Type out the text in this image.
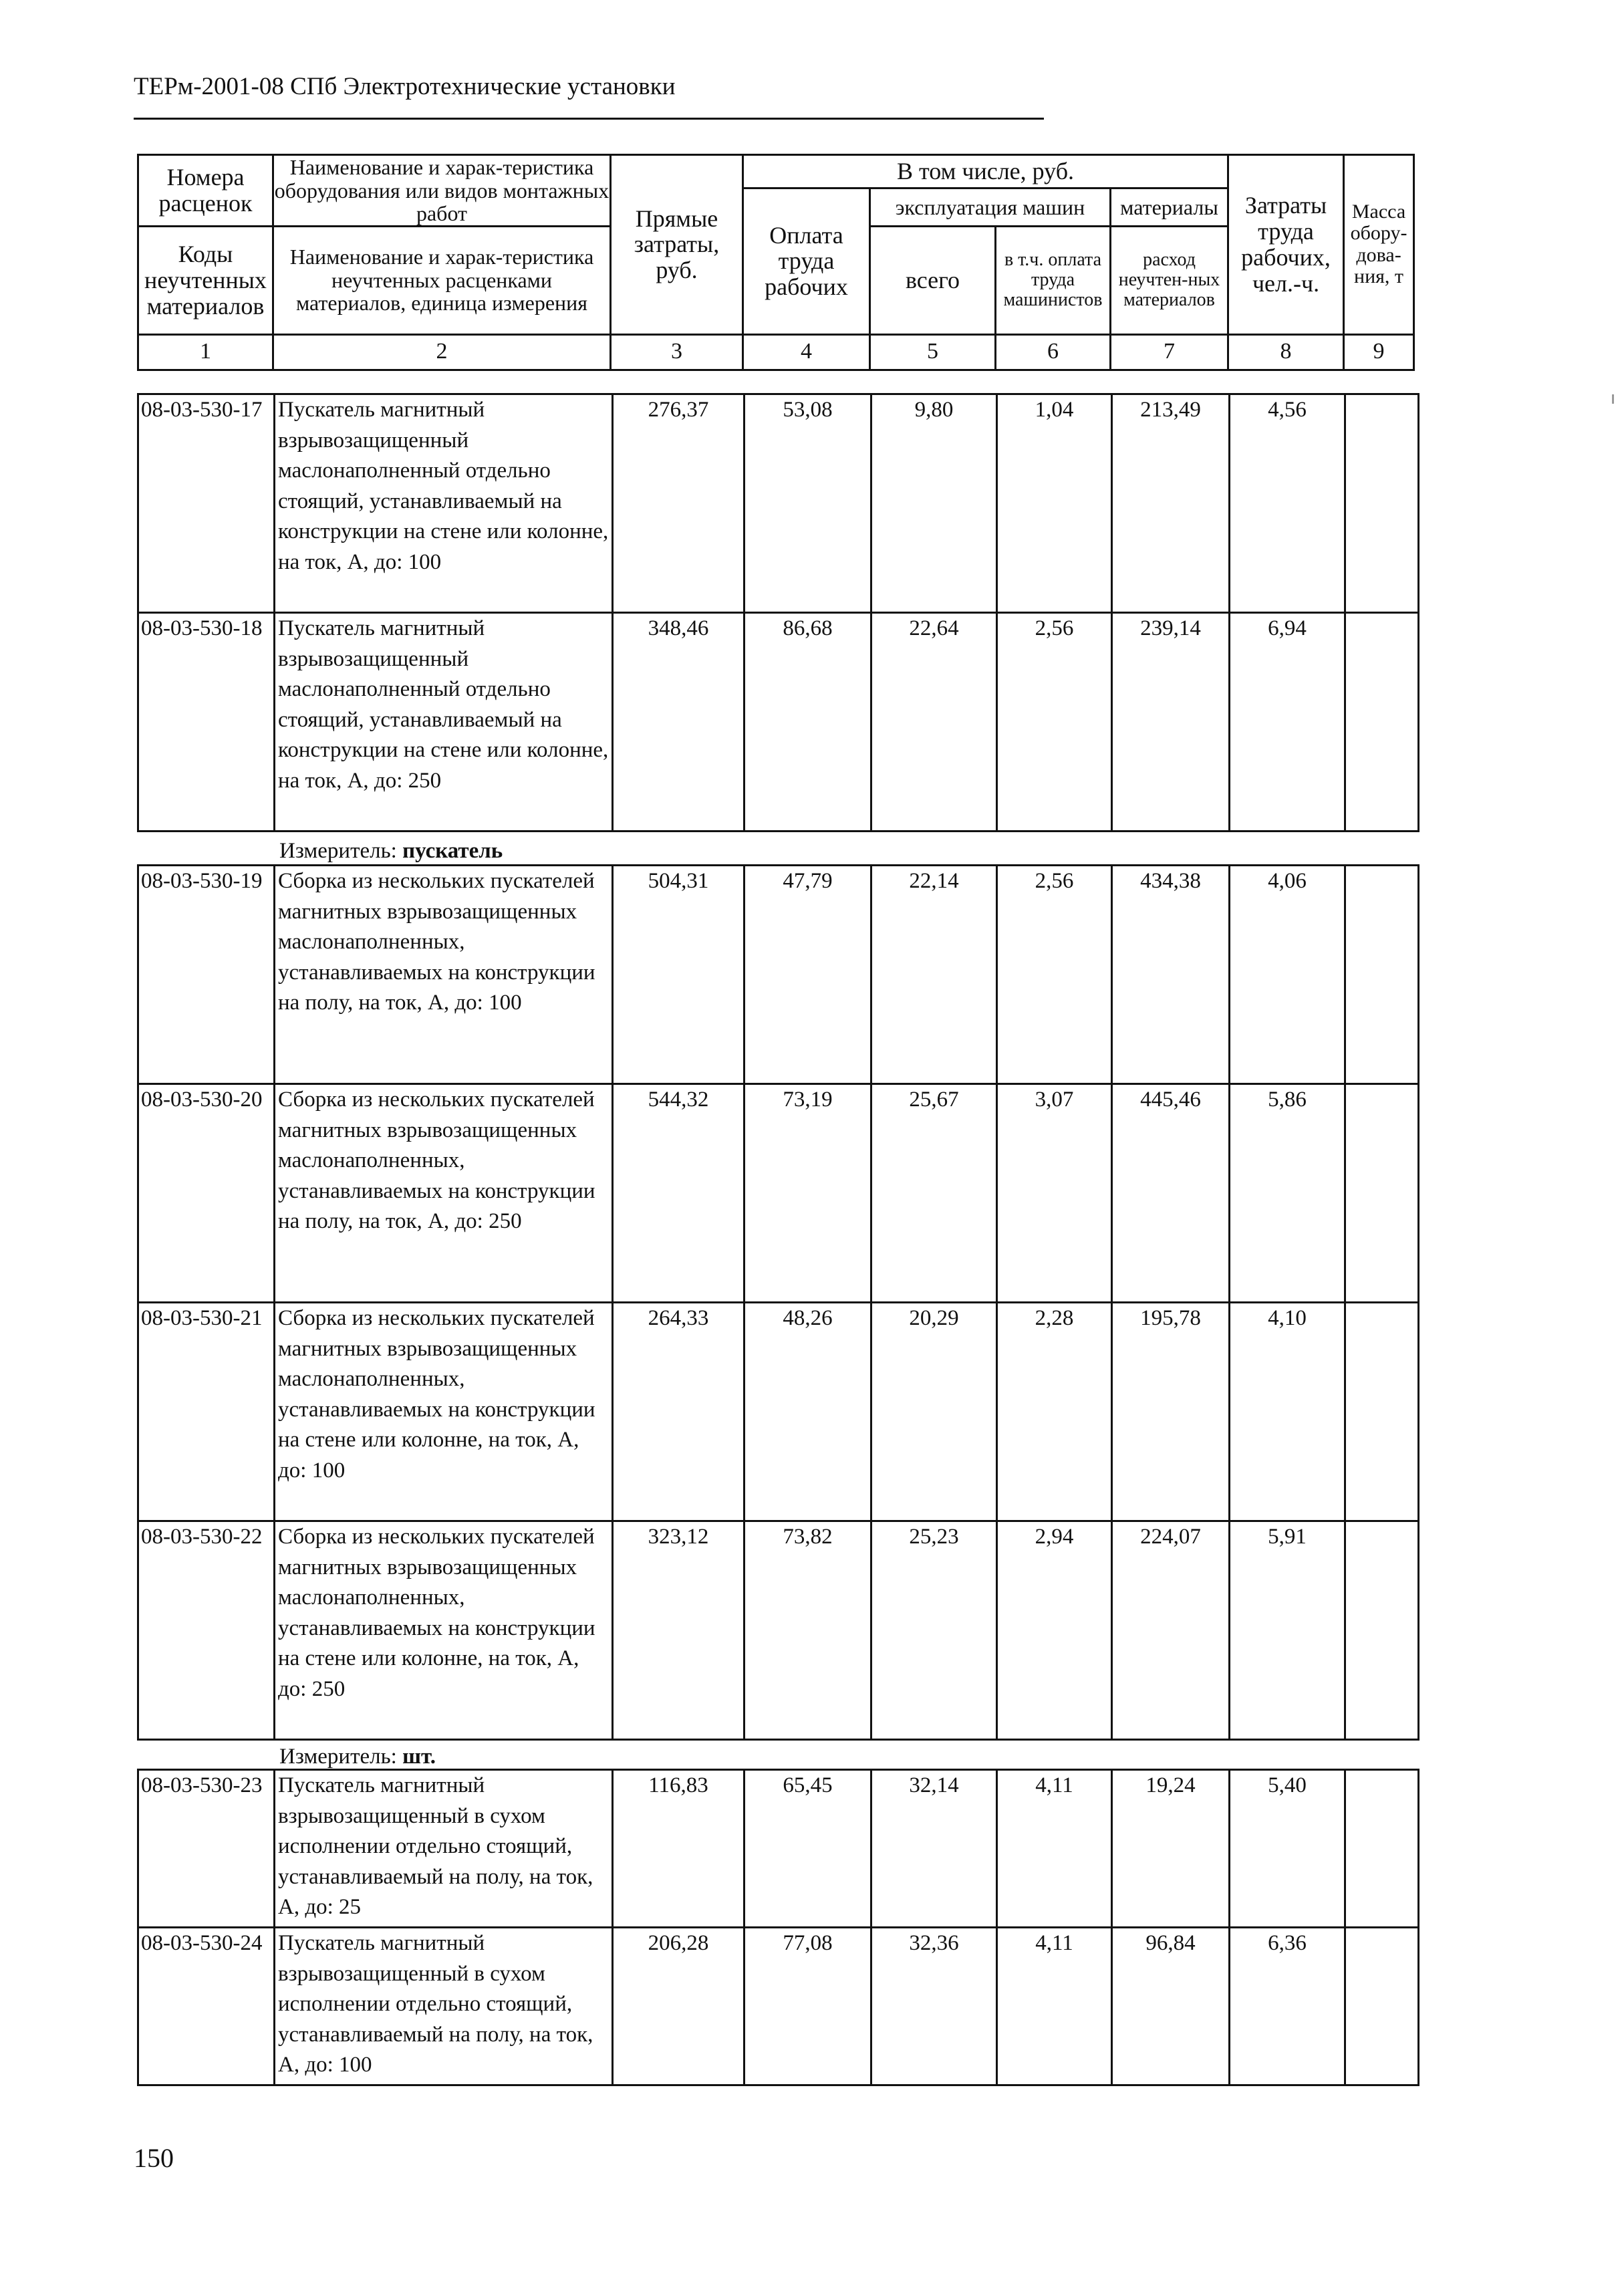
ТЕРм-2001-08 СПб Электротехнические установки
Номера расценок	Наименование и харак-теристика оборудования или видов монтажных работ	Прямые затраты, руб.	В том числе, руб.				Затраты труда рабочих, чел.-ч.	Масса обору-дова-ния, т
			Оплата труда рабочих	эксплуатация машин		материалы		
Коды неучтенных материалов	Наименование и харак-теристика неучтенных расценками материалов, единица измерения			всего	в т.ч. оплата труда машинистов	расход неучтен-ных материалов		

1	2	3	4	5	6	7	8	9
08-03-530-17	Пускатель магнитный взрывозащищенный маслонаполненный отдельно стоящий, устанавливаемый на конструкции на стене или колонне, на ток, А, до: 100	276,37	53,08	9,80	1,04	213,49	4,56	
08-03-530-18	Пускатель магнитный взрывозащищенный маслонаполненный отдельно стоящий, устанавливаемый на конструкции на стене или колонне, на ток, А, до: 250	348,46	86,68	22,64	2,56	239,14	6,94	
Измеритель: пускатель
08-03-530-19	Сборка из нескольких пускателей магнитных взрывозащищенных маслонаполненных, устанавливаемых на конструкции на полу, на ток, А, до: 100	504,31	47,79	22,14	2,56	434,38	4,06	
08-03-530-20	Сборка из нескольких пускателей магнитных взрывозащищенных маслонаполненных, устанавливаемых на конструкции на полу, на ток, А, до: 250	544,32	73,19	25,67	3,07	445,46	5,86	
08-03-530-21	Сборка из нескольких пускателей магнитных взрывозащищенных маслонаполненных, устанавливаемых на конструкции на стене или колонне, на ток, А, до: 100	264,33	48,26	20,29	2,28	195,78	4,10	
08-03-530-22	Сборка из нескольких пускателей магнитных взрывозащищенных маслонаполненных, устанавливаемых на конструкции на стене или колонне, на ток, А, до: 250	323,12	73,82	25,23	2,94	224,07	5,91	
Измеритель: шт.
08-03-530-23	Пускатель магнитный взрывозащищенный в сухом исполнении отдельно стоящий, устанавливаемый на полу, на ток, А, до: 25	116,83	65,45	32,14	4,11	19,24	5,40	
08-03-530-24	Пускатель магнитный взрывозащищенный в сухом исполнении отдельно стоящий, устанавливаемый на полу, на ток, А, до: 100	206,28	77,08	32,36	4,11	96,84	6,36	
150
